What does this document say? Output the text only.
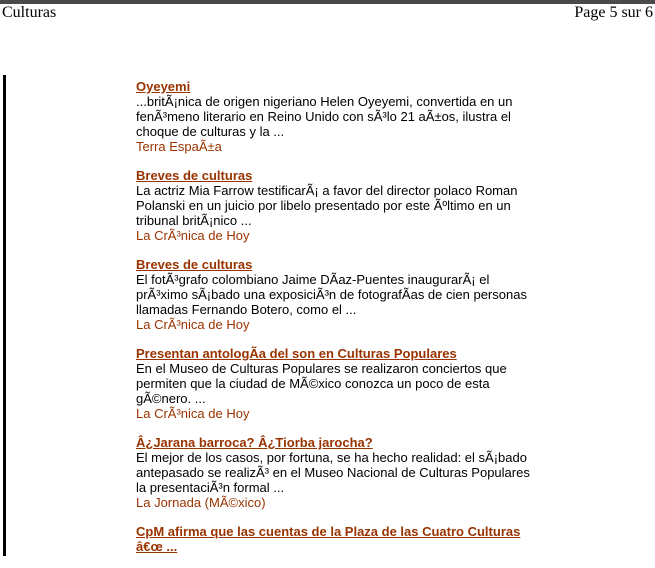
Culturas	Page 5 sur 6
Oyeyemi
...britÃ¡nica de origen nigeriano Helen Oyeyemi, convertida en un fenÃ³meno literario en Reino Unido con sÃ³lo 21 aÃ±os, ilustra el choque de culturas y la ...
Terra EspaÃ±a
Breves de culturas
La actriz Mia Farrow testificarÃ¡ a favor del director polaco Roman Polanski en un juicio por libelo presentado por este Ãºltimo en un tribunal britÃ¡nico ...
La CrÃ³nica de Hoy
Breves de culturas
El fotÃ³grafo colombiano Jaime DÃaz-Puentes inaugurarÃ¡ el prÃ³ximo sÃ¡bado una exposiciÃ³n de fotografÃas de cien personas llamadas Fernando Botero, como el ...
La CrÃ³nica de Hoy
Presentan antologÃa del son en Culturas Populares
En el Museo de Culturas Populares se realizaron conciertos que permiten que la ciudad de MÃ©xico conozca un poco de esta gÃ©nero. ...
La CrÃ³nica de Hoy
Â¿Jarana barroca? Â¿Tiorba jarocha?
El mejor de los casos, por fortuna, se ha hecho realidad: el sÃ¡bado antepasado se realizÃ³ en el Museo Nacional de Culturas Populares la presentaciÃ³n formal ...
La Jornada (MÃ©xico)
CpM afirma que las cuentas de la Plaza de las Cuatro Culturas â€œ ...
